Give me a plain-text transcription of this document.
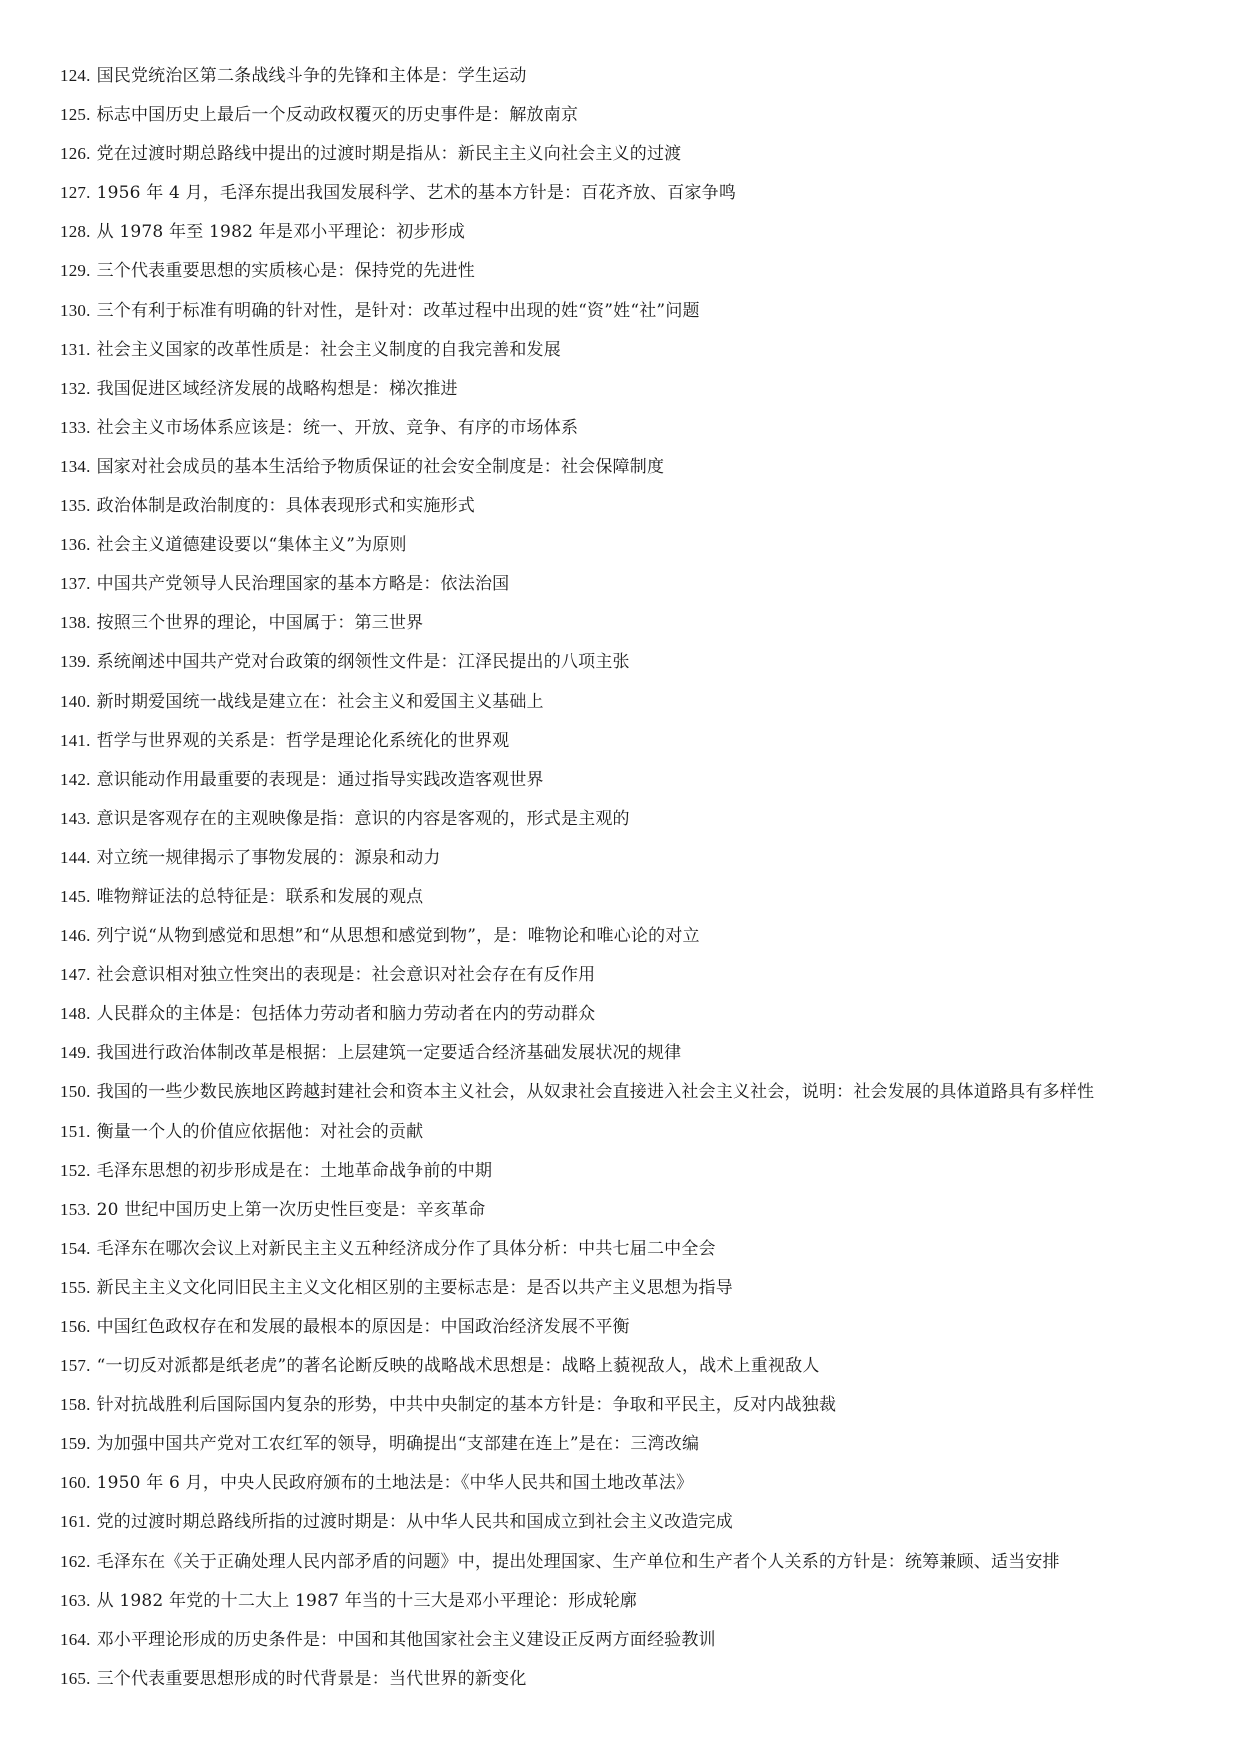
124. 国民党统治区第二条战线斗争的先锋和主体是：学生运动
125. 标志中国历史上最后一个反动政权覆灭的历史事件是：解放南京
126. 党在过渡时期总路线中提出的过渡时期是指从：新民主主义向社会主义的过渡
127. 1956 年 4 月，毛泽东提出我国发展科学、艺术的基本方针是：百花齐放、百家争鸣
128. 从 1978 年至 1982 年是邓小平理论：初步形成
129. 三个代表重要思想的实质核心是：保持党的先进性
130. 三个有利于标准有明确的针对性，是针对：改革过程中出现的姓“资”姓“社”问题
131. 社会主义国家的改革性质是：社会主义制度的自我完善和发展
132. 我国促进区域经济发展的战略构想是：梯次推进
133. 社会主义市场体系应该是：统一、开放、竞争、有序的市场体系
134. 国家对社会成员的基本生活给予物质保证的社会安全制度是：社会保障制度
135. 政治体制是政治制度的：具体表现形式和实施形式
136. 社会主义道德建设要以“集体主义”为原则
137. 中国共产党领导人民治理国家的基本方略是：依法治国
138. 按照三个世界的理论，中国属于：第三世界
139. 系统阐述中国共产党对台政策的纲领性文件是：江泽民提出的八项主张
140. 新时期爱国统一战线是建立在：社会主义和爱国主义基础上
141. 哲学与世界观的关系是：哲学是理论化系统化的世界观
142. 意识能动作用最重要的表现是：通过指导实践改造客观世界
143. 意识是客观存在的主观映像是指：意识的内容是客观的，形式是主观的
144. 对立统一规律揭示了事物发展的：源泉和动力
145. 唯物辩证法的总特征是：联系和发展的观点
146. 列宁说“从物到感觉和思想”和“从思想和感觉到物”，是：唯物论和唯心论的对立
147. 社会意识相对独立性突出的表现是：社会意识对社会存在有反作用
148. 人民群众的主体是：包括体力劳动者和脑力劳动者在内的劳动群众
149. 我国进行政治体制改革是根据：上层建筑一定要适合经济基础发展状况的规律
150. 我国的一些少数民族地区跨越封建社会和资本主义社会，从奴隶社会直接进入社会主义社会，说明：社会发展的具体道路具有多样性
151. 衡量一个人的价值应依据他：对社会的贡献
152. 毛泽东思想的初步形成是在：土地革命战争前的中期
153. 20 世纪中国历史上第一次历史性巨变是：辛亥革命
154. 毛泽东在哪次会议上对新民主主义五种经济成分作了具体分析：中共七届二中全会
155. 新民主主义文化同旧民主主义文化相区别的主要标志是：是否以共产主义思想为指导
156. 中国红色政权存在和发展的最根本的原因是：中国政治经济发展不平衡
157. “一切反对派都是纸老虎”的著名论断反映的战略战术思想是：战略上藐视敌人，战术上重视敌人
158. 针对抗战胜利后国际国内复杂的形势，中共中央制定的基本方针是：争取和平民主，反对内战独裁
159. 为加强中国共产党对工农红军的领导，明确提出“支部建在连上”是在：三湾改编
160. 1950 年 6 月，中央人民政府颁布的土地法是：《中华人民共和国土地改革法》
161. 党的过渡时期总路线所指的过渡时期是：从中华人民共和国成立到社会主义改造完成
162. 毛泽东在《关于正确处理人民内部矛盾的问题》中，提出处理国家、生产单位和生产者个人关系的方针是：统筹兼顾、适当安排
163. 从 1982 年党的十二大上 1987 年当的十三大是邓小平理论：形成轮廓
164. 邓小平理论形成的历史条件是：中国和其他国家社会主义建设正反两方面经验教训
165. 三个代表重要思想形成的时代背景是：当代世界的新变化
